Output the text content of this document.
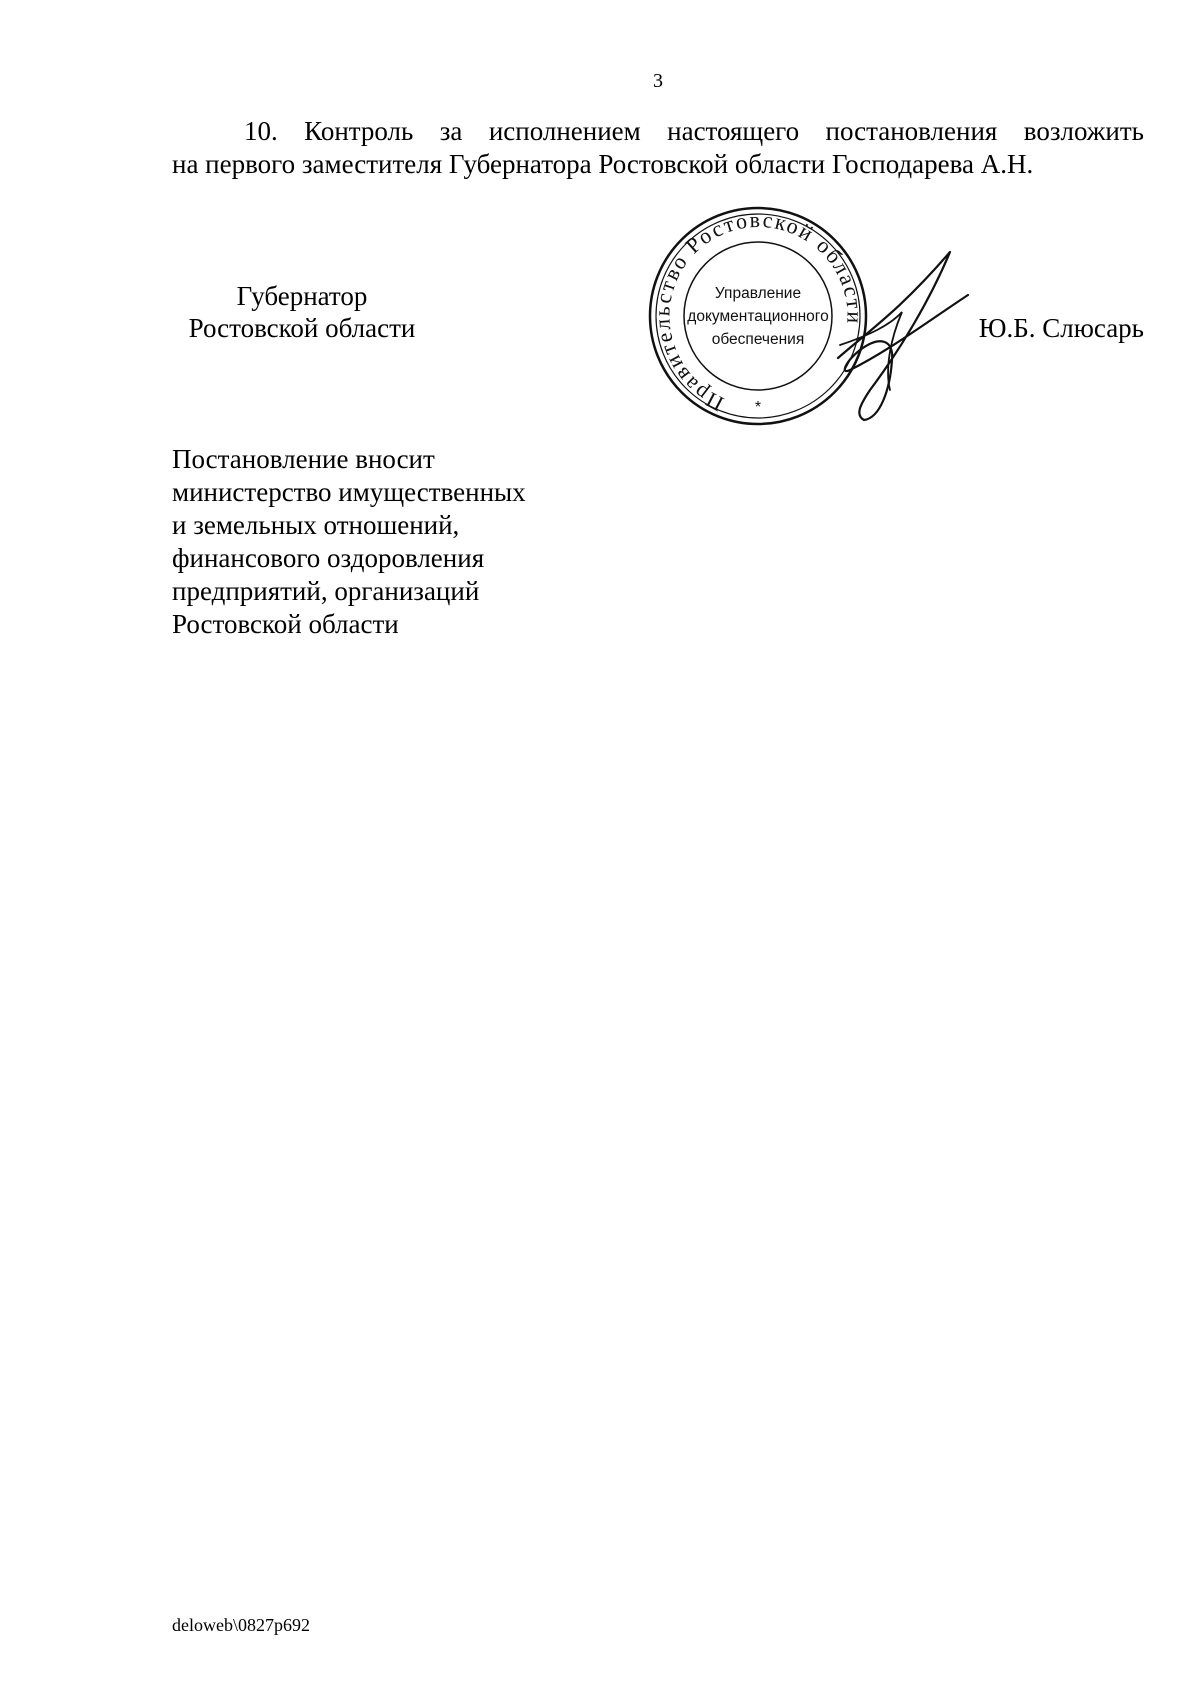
3
10. Контроль за исполнением настоящего постановления возложить
на первого заместителя Губернатора Ростовской области Господарева А.Н.
Губернатор
Ростовской области
Правительство Ростовской области
Управление
документационного
обеспечения
*
Ю.Б. Слюсарь
Постановление вносит
министерство имущественных
и земельных отношений,
финансового оздоровления
предприятий, организаций
Ростовской области
deloweb\0827p692
